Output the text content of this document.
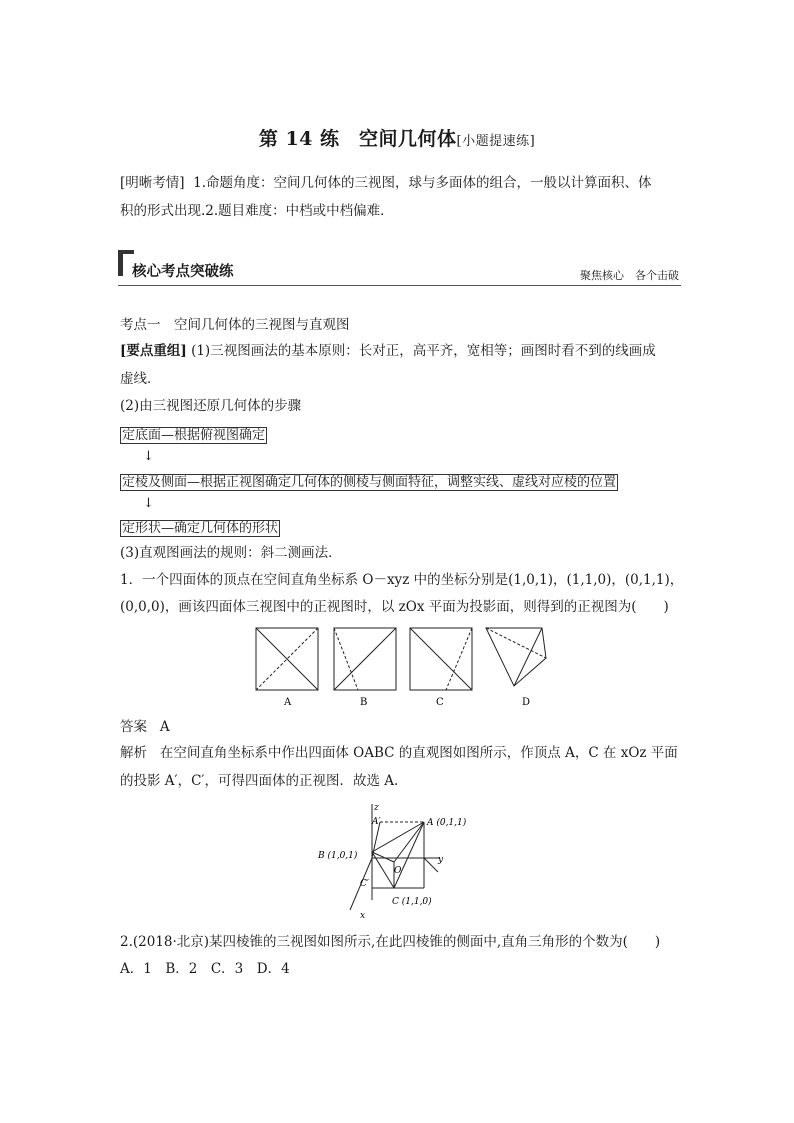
第 14 练　空间几何体[小题提速练]
[明晰考情] 1.命题角度：空间几何体的三视图，球与多面体的组合，一般以计算面积、体
积的形式出现.2.题目难度：中档或中档偏难．
核心考点突破练	聚焦核心　各个击破
考点一　空间几何体的三视图与直观图
[要点重组] (1)三视图画法的基本原则：长对正，高平齐，宽相等；画图时看不到的线画成
虚线．
(2)由三视图还原几何体的步骤
定底面—根据俯视图确定
↓
定棱及侧面—根据正视图确定几何体的侧棱与侧面特征，调整实线、虚线对应棱的位置
↓
定形状—确定几何体的形状
(3)直观图画法的规则：斜二测画法．
1．一个四面体的顶点在空间直角坐标系 O－xyz 中的坐标分别是(1,0,1)，(1,1,0)，(0,1,1)，
(0,0,0)，画该四面体三视图中的正视图时，以 zOx 平面为投影面，则得到的正视图为(　　)
A	B	C	D
答案 A
解析 在空间直角坐标系中作出四面体 OABC 的直观图如图所示，作顶点 A，C 在 xOz 平面
的投影 A′，C′，可得四面体的正视图．故选 A.
z
y
x
O
A′	A (0,1,1)
B (1,0,1)
C′
C (1,1,0)
2.(2018·北京)某四棱锥的三视图如图所示,在此四棱锥的侧面中,直角三角形的个数为(　　)
A．1　B．2　C．3　D．4
